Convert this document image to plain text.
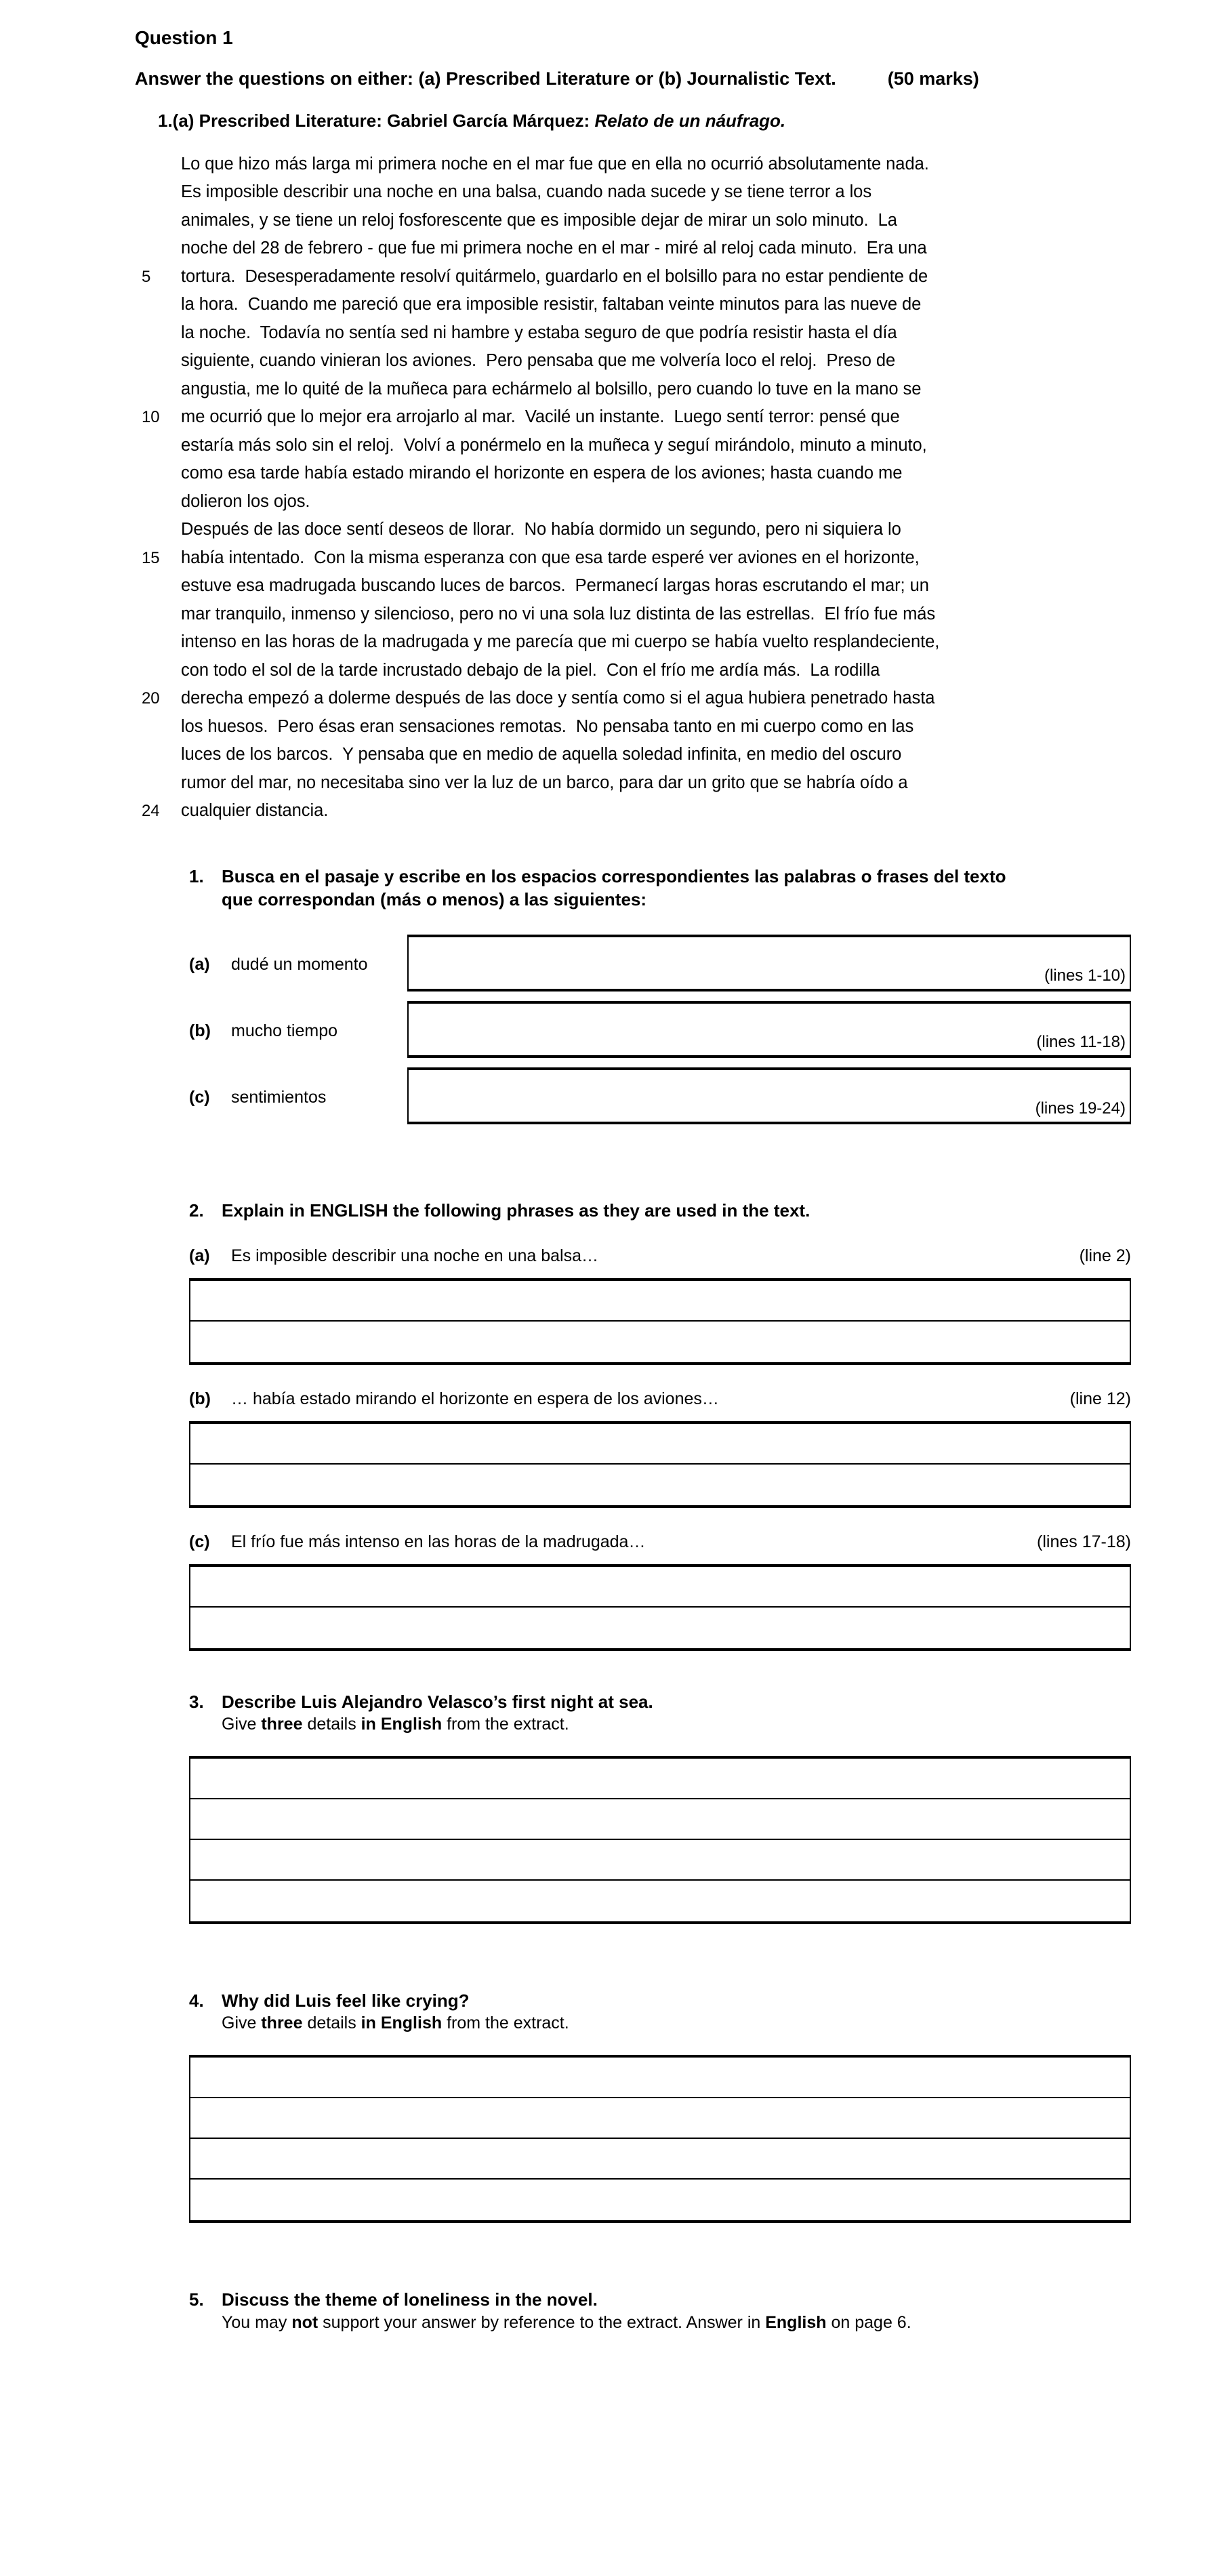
Question 1
Answer the questions on either: (a) Prescribed Literature or (b) Journalistic Text.	(50 marks)
1.(a) Prescribed Literature: Gabriel García Márquez: Relato de un náufrago.
Lo que hizo más larga mi primera noche en el mar fue que en ella no ocurrió absolutamente nada.
Es imposible describir una noche en una balsa, cuando nada sucede y se tiene terror a los
animales, y se tiene un reloj fosforescente que es imposible dejar de mirar un solo minuto.  La
noche del 28 de febrero - que fue mi primera noche en el mar - miré al reloj cada minuto.  Era una
5	tortura.  Desesperadamente resolví quitármelo, guardarlo en el bolsillo para no estar pendiente de
la hora.  Cuando me pareció que era imposible resistir, faltaban veinte minutos para las nueve de
la noche.  Todavía no sentía sed ni hambre y estaba seguro de que podría resistir hasta el día
siguiente, cuando vinieran los aviones.  Pero pensaba que me volvería loco el reloj.  Preso de
angustia, me lo quité de la muñeca para echármelo al bolsillo, pero cuando lo tuve en la mano se
10	me ocurrió que lo mejor era arrojarlo al mar.  Vacilé un instante.  Luego sentí terror: pensé que
estaría más solo sin el reloj.  Volví a ponérmelo en la muñeca y seguí mirándolo, minuto a minuto,
como esa tarde había estado mirando el horizonte en espera de los aviones; hasta cuando me
dolieron los ojos.
Después de las doce sentí deseos de llorar.  No había dormido un segundo, pero ni siquiera lo
15	había intentado.  Con la misma esperanza con que esa tarde esperé ver aviones en el horizonte,
estuve esa madrugada buscando luces de barcos.  Permanecí largas horas escrutando el mar; un
mar tranquilo, inmenso y silencioso, pero no vi una sola luz distinta de las estrellas.  El frío fue más
intenso en las horas de la madrugada y me parecía que mi cuerpo se había vuelto resplandeciente,
con todo el sol de la tarde incrustado debajo de la piel.  Con el frío me ardía más.  La rodilla
20	derecha empezó a dolerme después de las doce y sentía como si el agua hubiera penetrado hasta
los huesos.  Pero ésas eran sensaciones remotas.  No pensaba tanto en mi cuerpo como en las
luces de los barcos.  Y pensaba que en medio de aquella soledad infinita, en medio del oscuro
rumor del mar, no necesitaba sino ver la luz de un barco, para dar un grito que se habría oído a
24	cualquier distancia.
1.	Busca en el pasaje y escribe en los espacios correspondientes las palabras o frases del texto
que correspondan (más o menos) a las siguientes:
(a)	dudé un momento
(lines 1-10)
(b)	mucho tiempo
(lines 11-18)
(c)	sentimientos
(lines 19-24)
2.	Explain in ENGLISH the following phrases as they are used in the text.
(a)	Es imposible describir una noche en una balsa…	(line 2)
(b)	… había estado mirando el horizonte en espera de los aviones…	(line 12)
(c)	El frío fue más intenso en las horas de la madrugada…	(lines 17-18)
3.	Describe Luis Alejandro Velasco’s first night at sea.
Give three details in English from the extract.
4.	Why did Luis feel like crying?
Give three details in English from the extract.
5.	Discuss the theme of loneliness in the novel.
You may not support your answer by reference to the extract. Answer in English on page 6.
